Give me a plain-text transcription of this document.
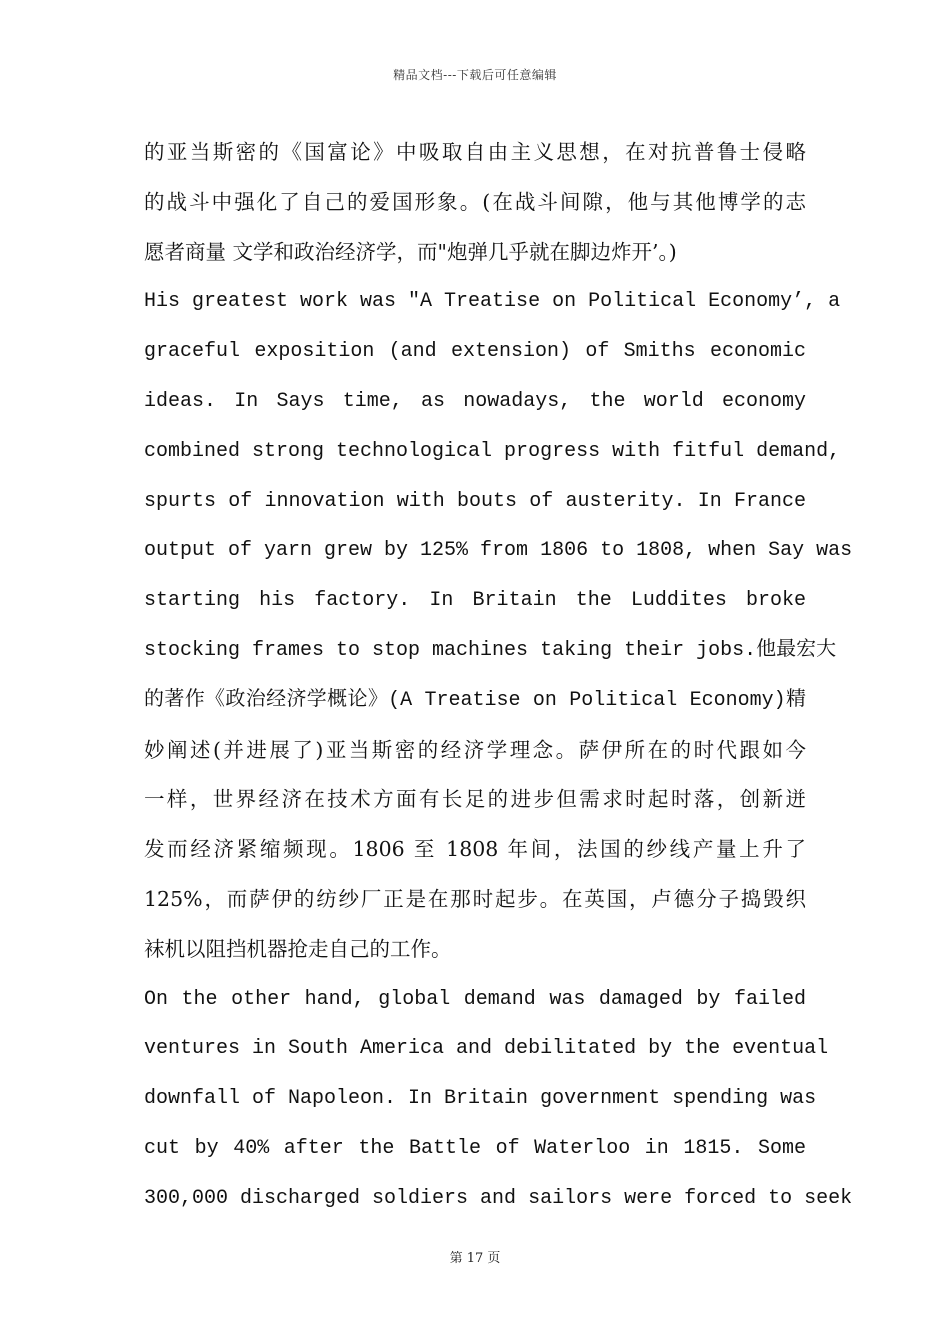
精品文档---下载后可任意编辑
的亚当斯密的《国富论》中吸取自由主义思想，在对抗普鲁士侵略
的战斗中强化了自己的爱国形象。(在战斗间隙，他与其他博学的志
愿者商量 文学和政治经济学，而"炮弹几乎就在脚边炸开’。)
His greatest work was "A Treatise on Political Economy’, a
graceful exposition (and extension) of Smiths economic
ideas. In Says time, as nowadays, the world economy
combined strong technological progress with fitful demand,
spurts of innovation with bouts of austerity. In France
output of yarn grew by 125% from 1806 to 1808, when Say was
starting his factory. In Britain the Luddites broke
stocking frames to stop machines taking their jobs.他最宏大
的著作《政治经济学概论》(A Treatise on Political Economy)精
妙阐述(并进展了)亚当斯密的经济学理念。萨伊所在的时代跟如今
一样，世界经济在技术方面有长足的进步但需求时起时落，创新迸
发而经济紧缩频现。1806 至 1808 年间，法国的纱线产量上升了
125%，而萨伊的纺纱厂正是在那时起步。在英国，卢德分子捣毁织
袜机以阻挡机器抢走自己的工作。
On the other hand, global demand was damaged by failed
ventures in South America and debilitated by the eventual
downfall of Napoleon. In Britain government spending was
cut by 40% after the Battle of Waterloo in 1815. Some
300,000 discharged soldiers and sailors were forced to seek
第 17 页
